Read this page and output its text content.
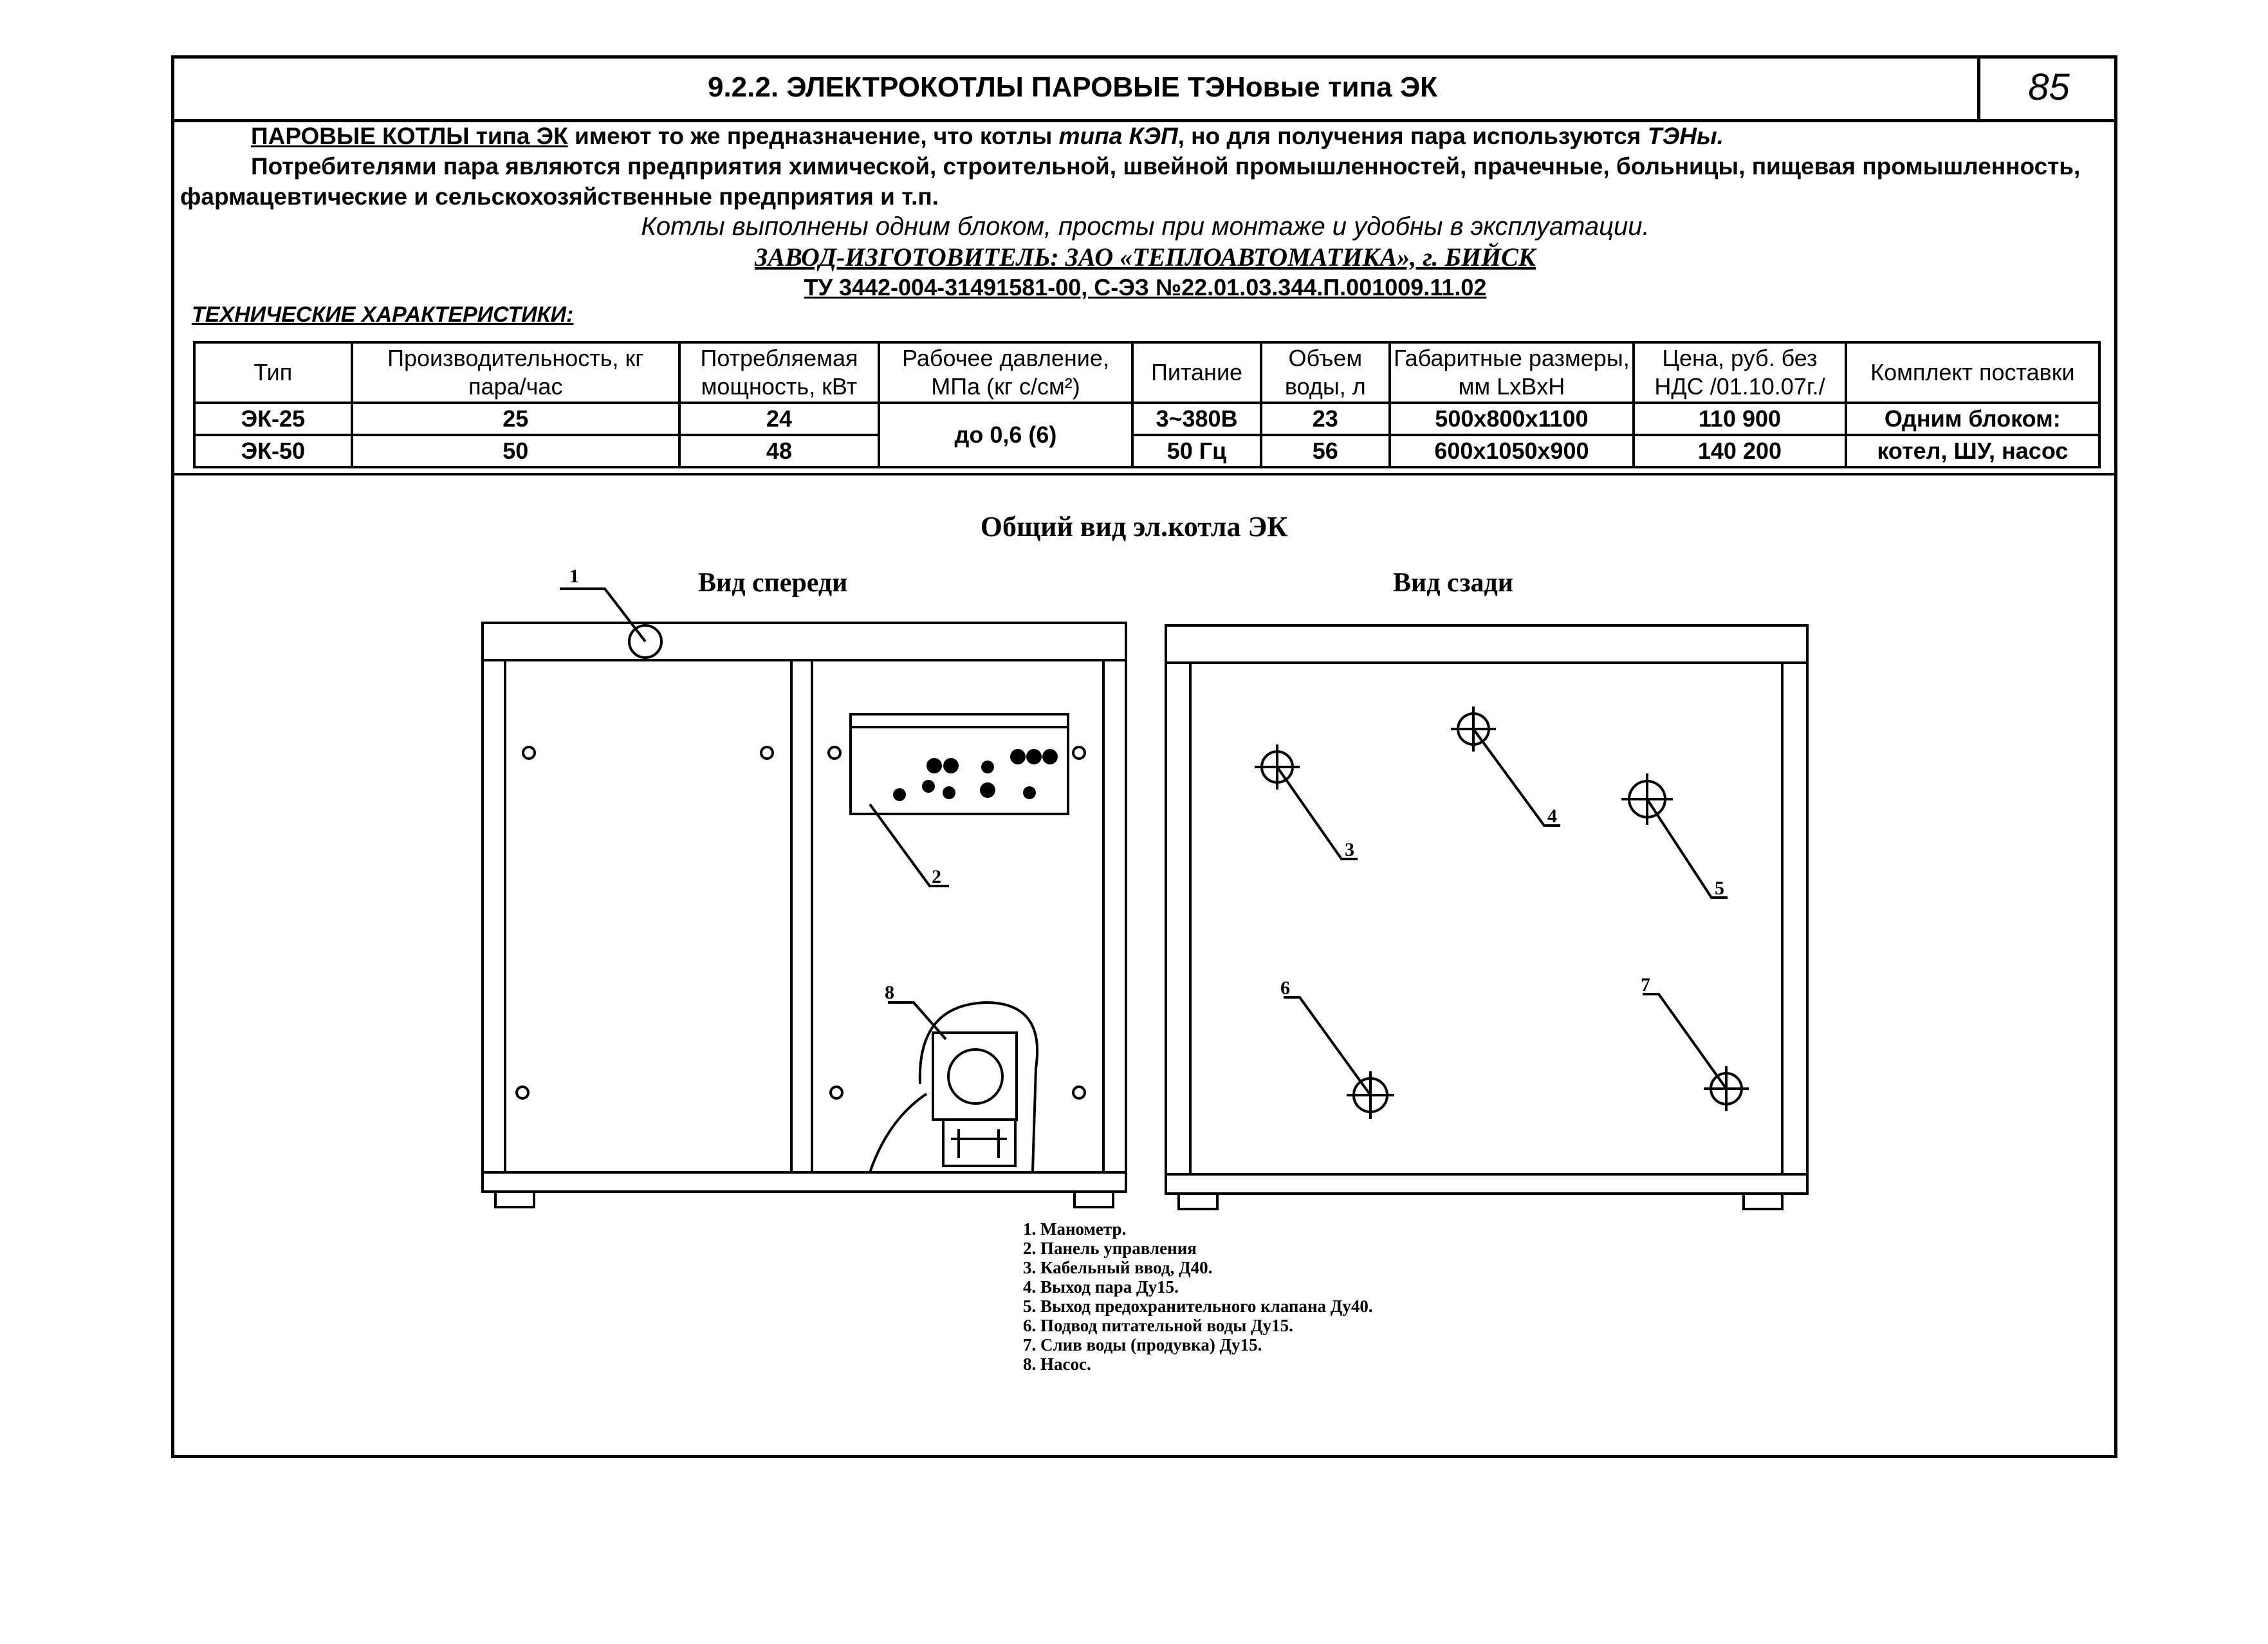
9.2.2. ЭЛЕКТРОКОТЛЫ ПАРОВЫЕ ТЭНовые типа ЭК	85

ПАРОВЫЕ КОТЛЫ типа ЭК имеют то же предназначение, что котлы типа КЭП, но для получения пара используются ТЭНы.

Потребителями пара являются предприятия химической, строительной, швейной промышленностей, прачечные, больницы, пищевая промышленность,

фармацевтические и сельскохозяйственные предприятия и т.п.

Котлы выполнены одним блоком, просты при монтаже и удобны в эксплуатации.

ЗАВОД-ИЗГОТОВИТЕЛЬ: ЗАО «ТЕПЛОАВТОМАТИКА», г. БИЙСК

ТУ 3442-004-31491581-00, С-ЭЗ №22.01.03.344.П.001009.11.02

ТЕХНИЧЕСКИЕ ХАРАКТЕРИСТИКИ:
Тип	Производительность, кг пара/час	Потребляемая мощность, кВт	Рабочее давление, МПа (кг с/см²)	Питание	Объем воды, л	Габаритные размеры, мм LxBxH	Цена, руб. без НДС /01.10.07г./	Комплект поставки
ЭК-25	25	24	до 0,6 (6)	3~380В	23	500x800x1100	110 900	Одним блоком:
ЭК-50	50	48		50 Гц	56	600x1050x900	140 200	котел, ШУ, насос
Общий вид эл.котла ЭК
Вид спереди	Вид сзади
1
2
3
4
5
6	7
8
1. Манометр.
2. Панель управления
3. Кабельный ввод, Д40.
4. Выход пара Ду15.
5. Выход предохранительного клапана Ду40.
6. Подвод питательной воды Ду15.
7. Слив воды (продувка) Ду15.
8. Насос.
